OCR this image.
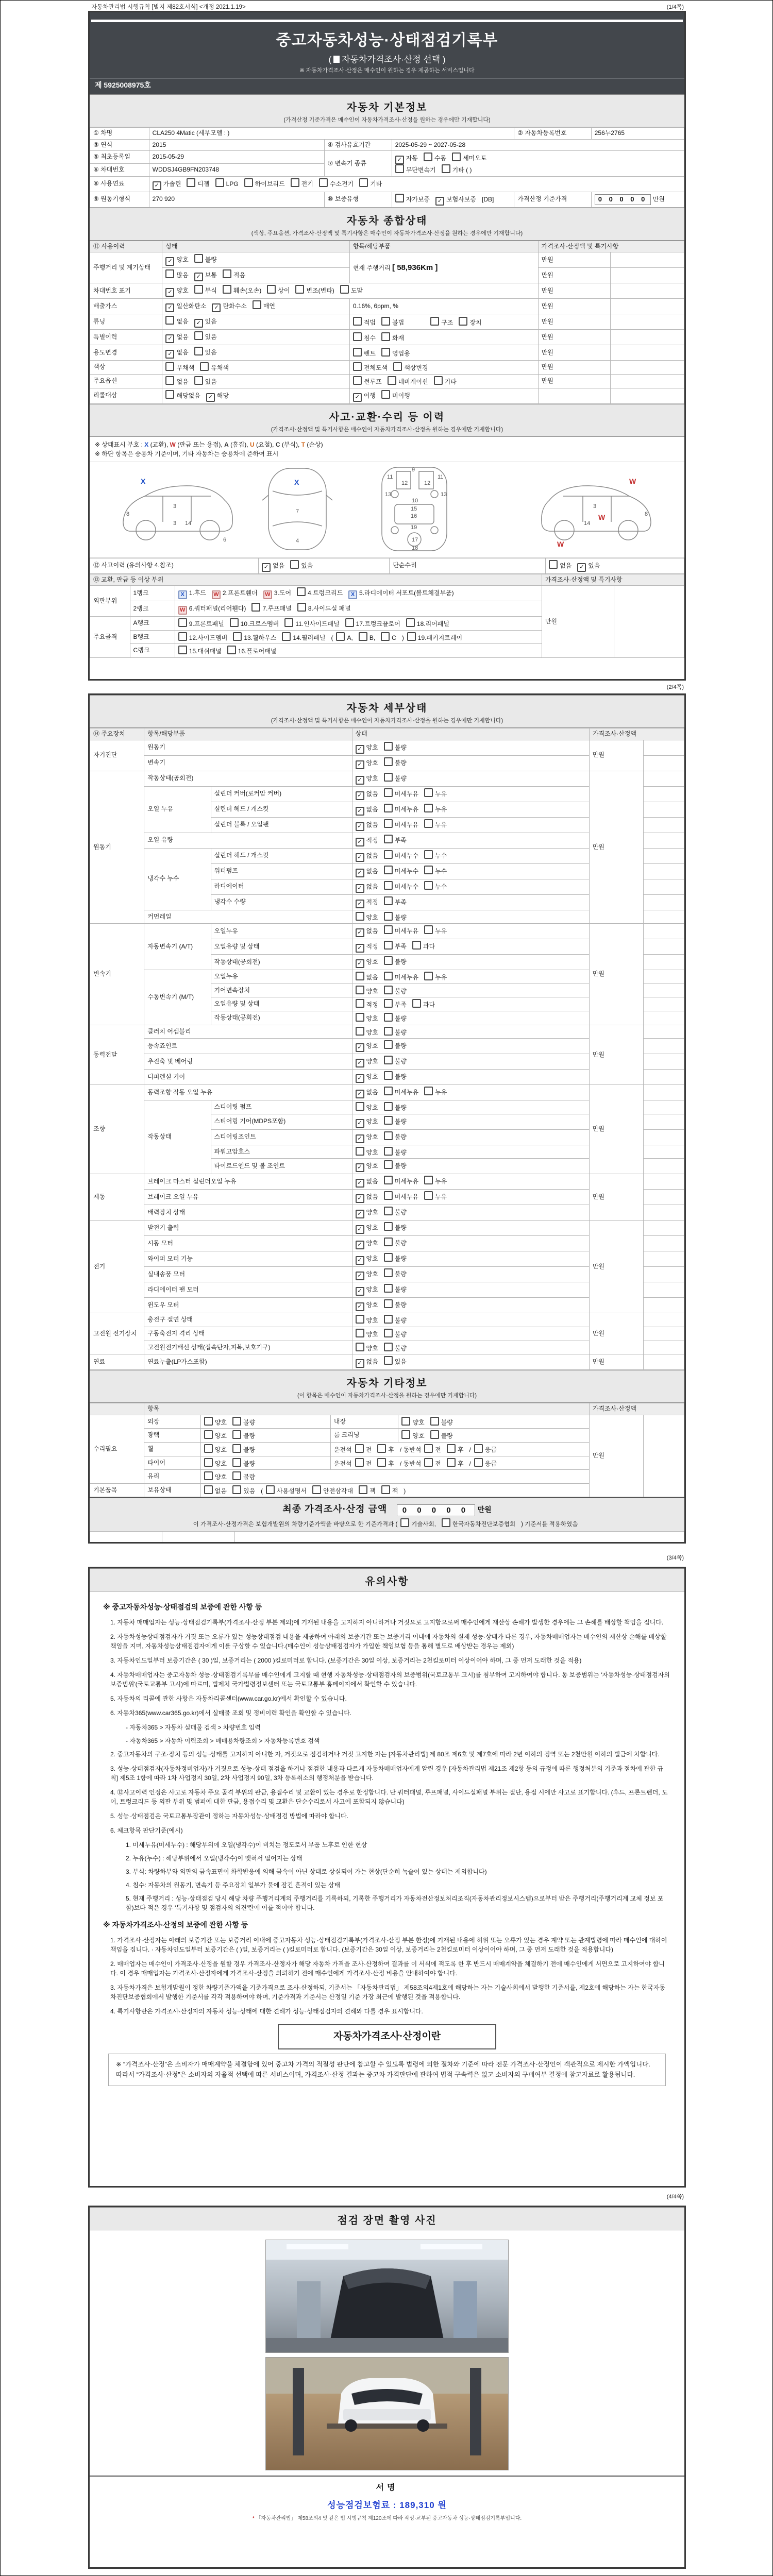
자동차관리법 시행규칙 [별지 제82호서식] <개정 2021.1.19>	(1/4쪽)
(2/4쪽)
(3/4쪽)
(4/4쪽)
중고자동차성능·상태점검기록부
( 자동차가격조사·산정 선택 )
※ 자동차가격조사·산정은 매수인이 원하는 경우 제공하는 서비스입니다
제 5925008975호
자동차 기본정보
(가격산정 기준가격은 매수인이 자동차가격조사·산정을 원하는 경우에만 기재합니다)
① 차명	CLA250 4Matic (세부모델 : )			② 자동차등록번호	256누2765
③ 연식	2015	④ 검사유효기간	2025-05-29 ~ 2027-05-28		
⑤ 최초등록일	2015-05-29	⑦ 변속기 종류	✓ 자동 수동 세미오토
무단변속기 기타 ( )		

⑥ 차대번호	WDDSJ4GB9FN203748				
⑧ 사용연료	✓ 가솔린 디젤 LPG 하이브리드 전기 수소전기 기타				
⑨ 원동기형식	270 920	⑩ 보증유형	자가보증 ✓ 보험사보증 [DB]	가격산정 기준가격	0 0 0 0 0 만원
자동차 종합상태
(색상, 주요옵션, 가격조사·산정액 및 특기사항은 매수인이 자동차가격조사·산정을 원하는 경우에만 기재합니다)
⑪ 사용이력	상태	항목/해당부품	가격조사·산정액 및 특기사항	
주행거리 및 계기상태	✓ 양호 불량	현재 주행거리 [ 58,936Km ]	만원	
	많음 ✓ 보통 적음		만원	
차대번호 표기	✓ 양호 부식 훼손(오손) 상이 변조(변타) 도말		만원	
배출가스	✓ 일산화탄소 ✓ 탄화수소 매연	0.16%, 6ppm, %	만원	
튜닝	없음 ✓ 있음	적법 불법 구조 장치	만원	
특별이력	✓ 없음 있음	침수 화재	만원	
용도변경	✓ 없음 있음	렌트 영업용	만원	
색상	무채색 유채색	전체도색 색상변경	만원	
주요옵션	없음 있음	썬루프 네비게이션 기타	만원	
리콜대상	해당없음 ✓ 해당	✓ 이행 미이행		
사고·교환·수리 등 이력
(가격조사·산정액 및 특기사항은 매수인이 자동차가격조사·산정을 원하는 경우에만 기재합니다)
※ 상태표시 부호 : X (교환), W (판금 또는 용접), A (흠집), U (요철), C (부식), T (손상)
※ 하단 항목은 승용차 기준이며, 기타 자동차는 승용차에 준하여 표시
X
8
3
14
3
6
X
7
4
9
11	11
12	12
13	13
10
15
16
19
17
18
W
W
W
3
8
14
⑫ 사고이력 (유의사항 4.참조)	✓ 없음	있음	단순수리	없음 ✓ 있음
⑬ 교환, 판금 등 이상 부위			가격조사·산정액 및 특기사항	
외판부위	1랭크	X 1.후드 W 2.프론트휀더 W 3.도어 4.트렁크리드 X 5.라디에이터 서포트(볼트체결부품)	만원	
	2랭크	W 6.쿼터패널(리어휀다) 7.루프패널 8.사이드실 패널		
주요골격	A랭크	9.프론트패널 10.크로스멤버 11.인사이드패널 17.트렁크플로어 18.리어패널		
	B랭크	12.사이드멤버 13.휠하우스 14.필러패널 ( A, B, C ) 19.패키지트레이		
	C랭크	15.대쉬패널 16.플로어패널		
자동차 세부상태
(가격조사·산정액 및 특기사항은 매수인이 자동차가격조사·산정을 원하는 경우에만 기재합니다)
⑭ 주요장치	항목/해당부품		상태	가격조사·산정액	
자기진단	원동기		✓ 양호 불량	만원	
	변속기		✓ 양호 불량		
원동기	작동상태(공회전)		✓ 양호 불량	만원	
	오일 누유	실린더 커버(로커암 커버)	✓ 없음 미세누유 누유		
		실린더 헤드 / 개스킷	✓ 없음 미세누유 누유		
		실린더 블록 / 오일팬	✓ 없음 미세누유 누유		
	오일 유량		✓ 적정 부족		
	냉각수 누수	실린더 헤드 / 개스킷	✓ 없음 미세누수 누수		
		워터펌프	✓ 없음 미세누수 누수		
		라디에이터	✓ 없음 미세누수 누수		
		냉각수 수량	✓ 적정 부족		
	커먼레일		양호 불량		
변속기	자동변속기 (A/T)	오일누유	✓ 없음 미세누유 누유	만원	
		오일유량 및 상태	✓ 적정 부족 과다		
		작동상태(공회전)	✓ 양호 불량		
	수동변속기 (M/T)	오일누유	없음 미세누유 누유		
		기어변속장치	양호 불량		
		오일유량 및 상태	적정 부족 과다		
		작동상태(공회전)	양호 불량		
동력전달	클러치 어셈블리		양호 불량	만원	
	등속죠인트		✓ 양호 불량		
	추진축 및 베어링		✓ 양호 불량		
	디퍼렌셜 기어		✓ 양호 불량		
조향	동력조향 작동 오일 누유		✓ 없음 미세누유 누유	만원	
	작동상태	스티어링 펌프	양호 불량		
		스티어링 기어(MDPS포함)	✓ 양호 불량		
		스티어링조인트	✓ 양호 불량		
		파워고압호스	양호 불량		
		타이로드엔드 및 볼 조인트	✓ 양호 불량		
제동	브레이크 마스터 실린더오일 누유		✓ 없음 미세누유 누유	만원	
	브레이크 오일 누유		✓ 없음 미세누유 누유		
	배력장치 상태		✓ 양호 불량		
전기	발전기 출력		✓ 양호 불량	만원	
	시동 모터		✓ 양호 불량		
	와이퍼 모터 기능		✓ 양호 불량		
	실내송풍 모터		✓ 양호 불량		
	라디에이터 팬 모터		✓ 양호 불량		
	윈도우 모터		✓ 양호 불량		
고전원 전기장치	충전구 절연 상태		양호 불량	만원	
	구동축전지 격리 상태		양호 불량		
	고전원전기배선 상태(접속단자,피복,보호기구)		양호 불량		
연료	연료누출(LP가스포함)		✓ 없음 있음	만원	
자동차 기타정보
(이 항목은 매수인이 자동차가격조사·산정을 원하는 경우에만 기재합니다)
	항목				가격조사·산정액	
수리필요	외장	양호 불량	내장	양호 불량	만원	
	광택	양호 불량	룸 크리닝	양호 불량		
	휠	양호 불량	운전석 전 후 / 동반석 전 후 / 응급			
	타이어	양호 불량	운전석 전 후 / 동반석 전 후 / 응급			
	유리	양호 불량				
기본품목	보유상태	없음 있음 ( 사용설명서 안전삼각대 잭 잭 )				
최종 가격조사·산정 금액 0 0 0 0 0 만원
이 가격조사·산정가격은 보험개발원의 차량기준가액을 바탕으로 한 기준가격과 ( 기술사회,	한국자동차진단보증협회 ) 기준서를 적용하였음

유의사항
※ 중고자동차성능·상태점검의 보증에 관한 사항 등
1. 자동차 매매업자는 성능·상태점검기록부(가격조사·산정 부분 제외)에 기재된 내용을 고지하지 아니하거나 거짓으로 고지함으로써 매수인에게 재산상 손해가 발생한 경우에는 그 손해를 배상할 책임을 집니다.
2. 자동차성능상태점검자가 거짓 또는 오류가 있는 성능상태점검 내용을 제공하여 아래의 보증기간 또는 보증거리 이내에 자동차의 실제 성능·상태가 다른 경우, 자동차매매업자는 매수인의 재산상 손해를 배상할 책임을 지며, 자동차성능상태점검자에게 이를 구상할 수 있습니다.(매수인이 성능상태점검자가 가입한 책임보험 등을 통해 별도로 배상받는 경우는 제외)
3. 자동차인도일부터 보증기간은 ( 30 )일, 보증거리는 ( 2000 )킬로미터로 합니다. (보증기간은 30일 이상, 보증거리는 2천킬로미터 이상이어야 하며, 그 중 먼저 도래한 것을 적용)
4. 자동차매매업자는 중고자동차 성능·상태점검기록부를 매수인에게 고지할 때 현행 자동차성능·상태점검자의 보증범위(국토교통부 고시)를 첨부하여 고지하여야 합니다. 동 보증범위는 '자동차성능·상태점검자의 보증범위'(국토교통부 고시)에 따르며, 법제처 국가법령정보센터 또는 국토교통부 홈페이지에서 확인할 수 있습니다.
5. 자동차의 리콜에 관한 사항은 자동차리콜센터(www.car.go.kr)에서 확인할 수 있습니다.
6. 자동차365(www.car365.go.kr)에서 실매물 조회 및 정비이력 확인을 확인할 수 있습니다.
- 자동차365 > 자동차 실매물 검색 > 차량번호 입력
- 자동차365 > 자동차 이력조회 > 매매용차량조회 > 자동차등록번호 검색
2. 중고자동차의 구조·장치 등의 성능·상태를 고지하지 아니한 자, 거짓으로 점검하거나 거짓 고지한 자는 [자동차관리법] 제 80조 제6호 및 제7호에 따라 2년 이하의 징역 또는 2천만원 이하의 벌금에 처합니다.
3. 성능·상태점검자(자동차정비업자)가 거짓으로 성능·상태 점검을 하거나 점검한 내용과 다르게 자동차매매업자에게 알린 경우 [자동차관리법 제21조 제2항 등의 규정에 따른 행정처분의 기준과 절차에 관한 규칙] 제5조 1항에 따라 1차 사업정지 30일, 2차 사업정지 90일, 3차 등록취소의 행정처분을 받습니다.
4. ⑫사고이력 인정은 사고로 자동차 주요 골격 부위의 판금, 용접수리 및 교환이 있는 경우로 한정합니다. 단 쿼터패널, 루프패널, 사이드실패널 부위는 절단, 용접 시에만 사고로 표기합니다. (후드, 프론트펜더, 도어, 트렁크리드 등 외판 부위 및 범퍼에 대한 판금, 용접수리 및 교환은 단순수리로서 사고에 포함되지 않습니다)
5. 성능·상태점검은 국토교통부장관이 정하는 자동차성능·상태점검 방법에 따라야 합니다.
6. 체크항목 판단기준(예시)
1. 미세누유(미세누수) : 해당부위에 오일(냉각수)이 비치는 정도로서 부품 노후로 인한 현상
2. 누유(누수) : 해당부위에서 오일(냉각수)이 맺혀서 떨어지는 상태
3. 부식: 차량하부와 외판의 금속표면이 화학반응에 의해 금속이 아닌 상태로 상실되어 가는 현상(단순히 녹슬어 있는 상태는 제외합니다)
4. 침수: 자동차의 원동기, 변속기 등 주요장치 일부가 물에 잠긴 흔적이 있는 상태
5. 현재 주행거리 : 성능·상태점검 당시 해당 차량 주행거리계의 주행거리를 기록하되, 기록한 주행거리가 자동차전산정보처리조직(자동차관리정보시스템)으로부터 받은 주행거리(주행거리계 교체 정보 포함)보다 적은 경우 '특기사항 및 점검자의 의견'란에 이를 적어야 합니다.
※ 자동차가격조사·산정의 보증에 관한 사항 등
1. 가격조사·산정자는 아래의 보증기간 또는 보증거리 이내에 중고자동차 성능·상태점검기록부(가격조사·산정 부분 한정)에 기재된 내용에 허위 또는 오류가 있는 경우 계약 또는 관계법령에 따라 매수인에 대하여 책임을 집니다. · 자동차인도일부터 보증기간은 ( )일, 보증거리는 ( )킬로미터로 합니다. (보증기간은 30일 이상, 보증거리는 2천킬로미터 이상이어야 하며, 그 중 먼저 도래한 것을 적용합니다)
2. 매매업자는 매수인이 가격조사·산정을 원할 경우 가격조사·산정자가 해당 자동차 가격을 조사·산정하여 결과를 이 서식에 적도록 한 후 반드시 매매계약을 체결하기 전에 매수인에게 서면으로 고지하여야 합니다. 이 경우 매매업자는 가격조사·산정자에게 가격조사·산정을 의뢰하기 전에 매수인에게 가격조사·산정 비용을 안내하여야 합니다.
3. 자동차가격은 보험개발원이 정한 차량기준가액을 기준가격으로 조사·산정하되, 기준서는 「자동차관리법」 제58조의4제1호에 해당하는 자는 기술사회에서 발행한 기준서를, 제2호에 해당하는 자는 한국자동차진단보증협회에서 발행한 기준서를 각각 적용하여야 하며, 기준가격과 기준서는 산정일 기준 가장 최근에 발행된 것을 적용합니다.
4. 특기사항란은 가격조사·산정자의 자동차 성능·상태에 대한 견해가 성능·상태점검자의 견해와 다를 경우 표시합니다.
자동차가격조사·산정이란
※ “가격조사·산정”은 소비자가 매매계약을 체결함에 있어 중고차 가격의 적절성 판단에 참고할 수 있도록 법령에 의한 절차와 기준에 따라 전문 가격조사·산정인이 객관적으로 제시한 가액입니다. 따라서 “가격조사·산정”은 소비자의 자율적 선택에 따른 서비스이며, 가격조사·산정 결과는 중고차 가격판단에 관하여 법적 구속력은 없고 소비자의 구매여부 결정에 참고자료로 활용됩니다.
점검 장면 촬영 사진
서명
성능점검보험료 : 189,310 원
* 「자동차관리법」 제58조의4 및 같은 법 시행규칙 제120조에 따라 작성·교부된 중고자동차 성능·상태점검기록부입니다.
